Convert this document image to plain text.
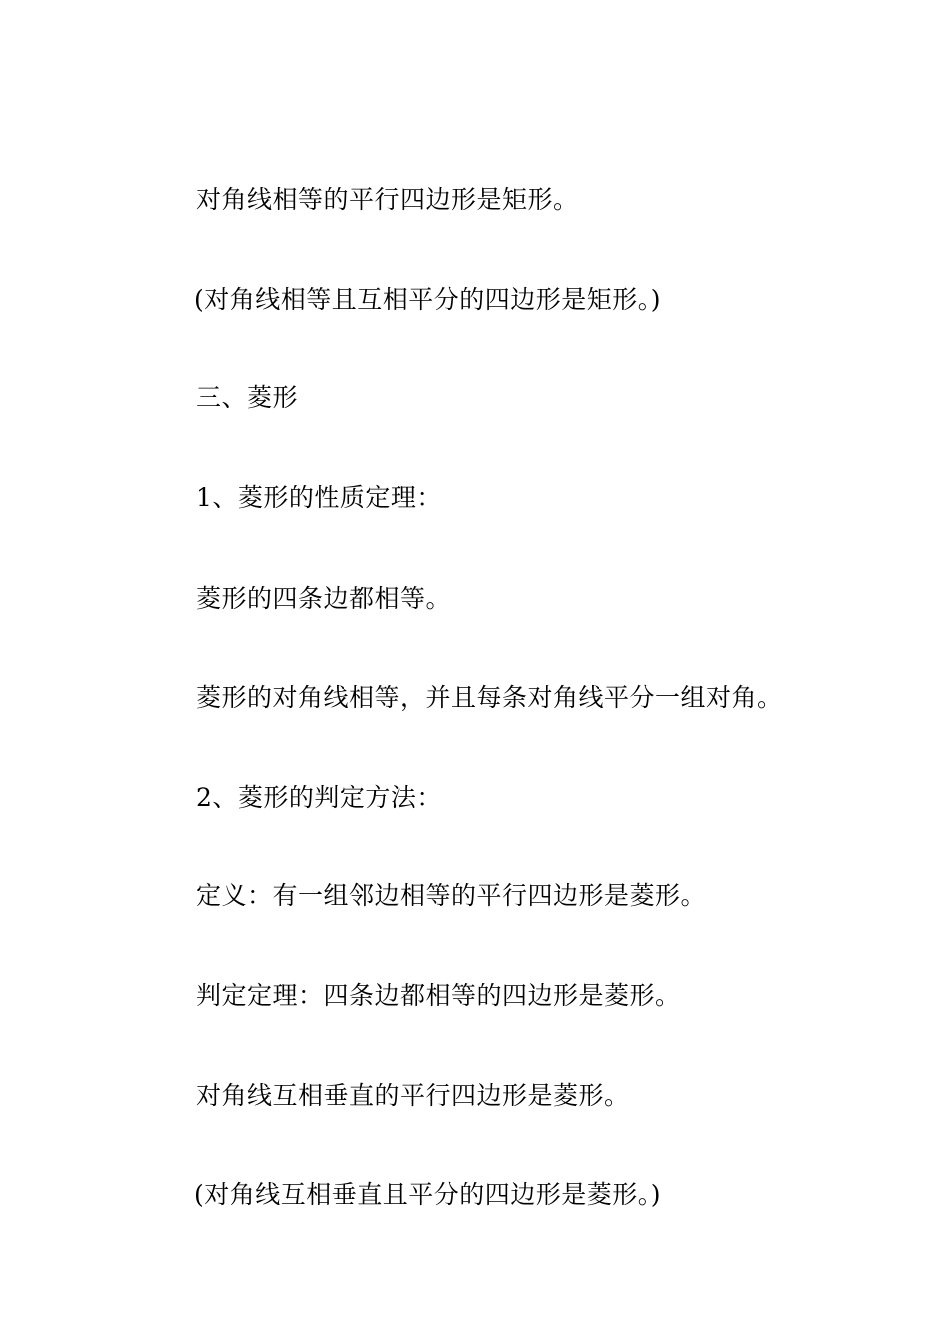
对角线相等的平行四边形是矩形。
(对角线相等且互相平分的四边形是矩形。)
三、菱形
1、菱形的性质定理：
菱形的四条边都相等。
菱形的对角线相等，并且每条对角线平分一组对角。
2、菱形的判定方法：
定义：有一组邻边相等的平行四边形是菱形。
判定定理：四条边都相等的四边形是菱形。
对角线互相垂直的平行四边形是菱形。
(对角线互相垂直且平分的四边形是菱形。)
